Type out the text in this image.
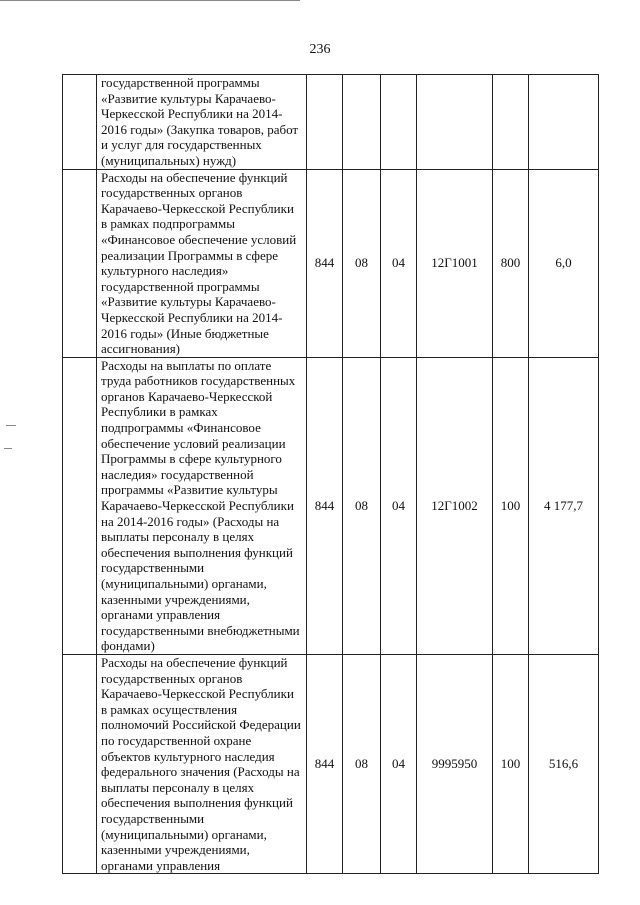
236
	государственной программы «Развитие культуры Карачаево-Черкесской Республики на 2014-2016 годы» (Закупка товаров, работ и услуг для государственных (муниципальных) нужд)						
	Расходы на обеспечение функций государственных органов Карачаево-Черкесской Республики в рамках подпрограммы «Финансовое обеспечение условий реализации Программы в сфере культурного наследия» государственной программы «Развитие культуры Карачаево-Черкесской Республики на 2014-2016 годы» (Иные бюджетные ассигнования)	844	08	04	12Г1001	800	6,0
	Расходы на выплаты по оплате труда работников государственных органов Карачаево-Черкесской Республики в рамках подпрограммы «Финансовое обеспечение условий реализации Программы в сфере культурного наследия» государственной программы «Развитие культуры Карачаево-Черкесской Республики на 2014-2016 годы» (Расходы на выплаты персоналу в целях обеспечения выполнения функций государственными (муниципальными) органами, казенными учреждениями, органами управления государственными внебюджетными фондами)	844	08	04	12Г1002	100	4 177,7
	Расходы на обеспечение функций государственных органов Карачаево-Черкесской Республики в рамках осуществления полномочий Российской Федерации по государственной охране объектов культурного наследия федерального значения (Расходы на выплаты персоналу в целях обеспечения выполнения функций государственными (муниципальными) органами, казенными учреждениями, органами управления	844	08	04	9995950	100	516,6
